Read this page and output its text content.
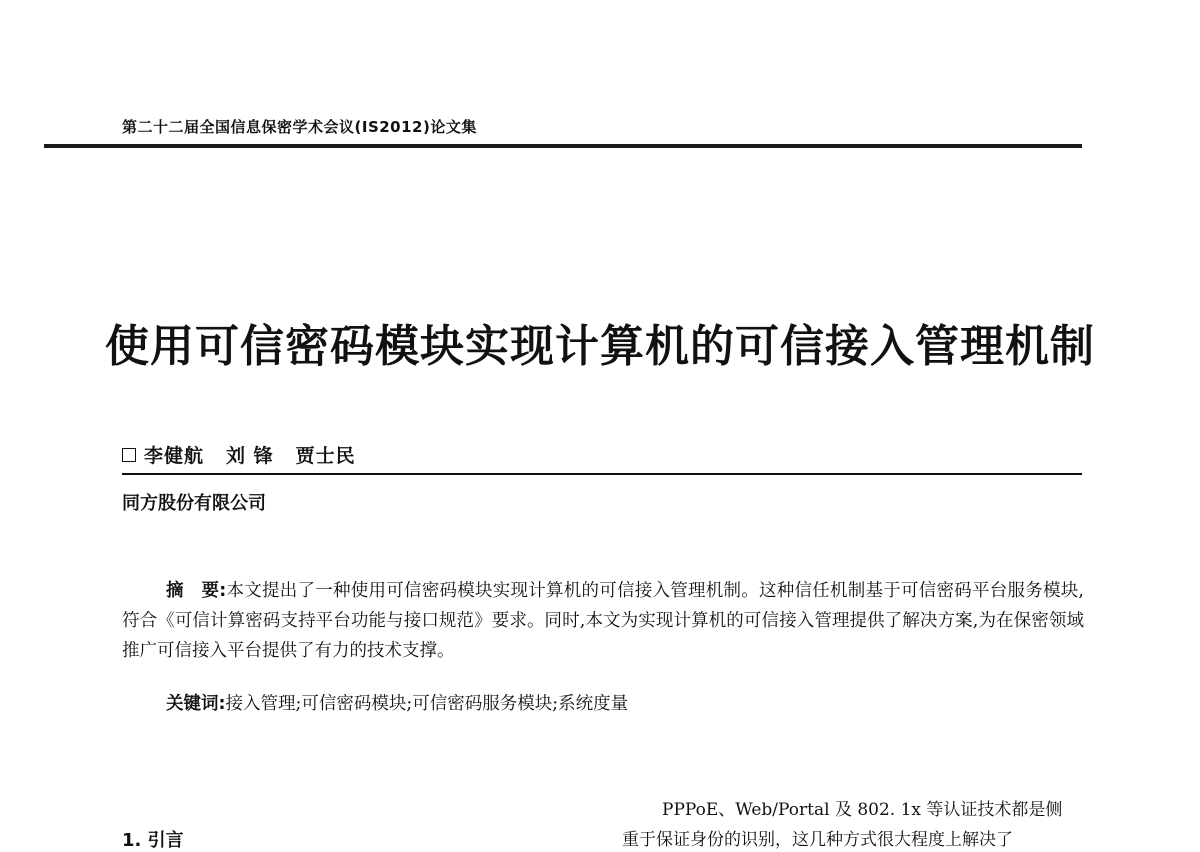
第二十二届全国信息保密学术会议(IS2012)论文集
使用可信密码模块实现计算机的可信接入管理机制
李健航 刘 锋 贾士民
同方股份有限公司
摘　要:本文提出了一种使用可信密码模块实现计算机的可信接入管理机制。这种信任机制基于可信密码平台服务模块,符合《可信计算密码支持平台功能与接口规范》要求。同时,本文为实现计算机的可信接入管理提供了解决方案,为在保密领域推广可信接入平台提供了有力的技术支撑。
关键词:接入管理;可信密码模块;可信密码服务模块;系统度量
PPPoE、Web/Portal 及 802. 1x 等认证技术都是侧
重于保证身份的识别，这几种方式很大程度上解决了
1. 引言
